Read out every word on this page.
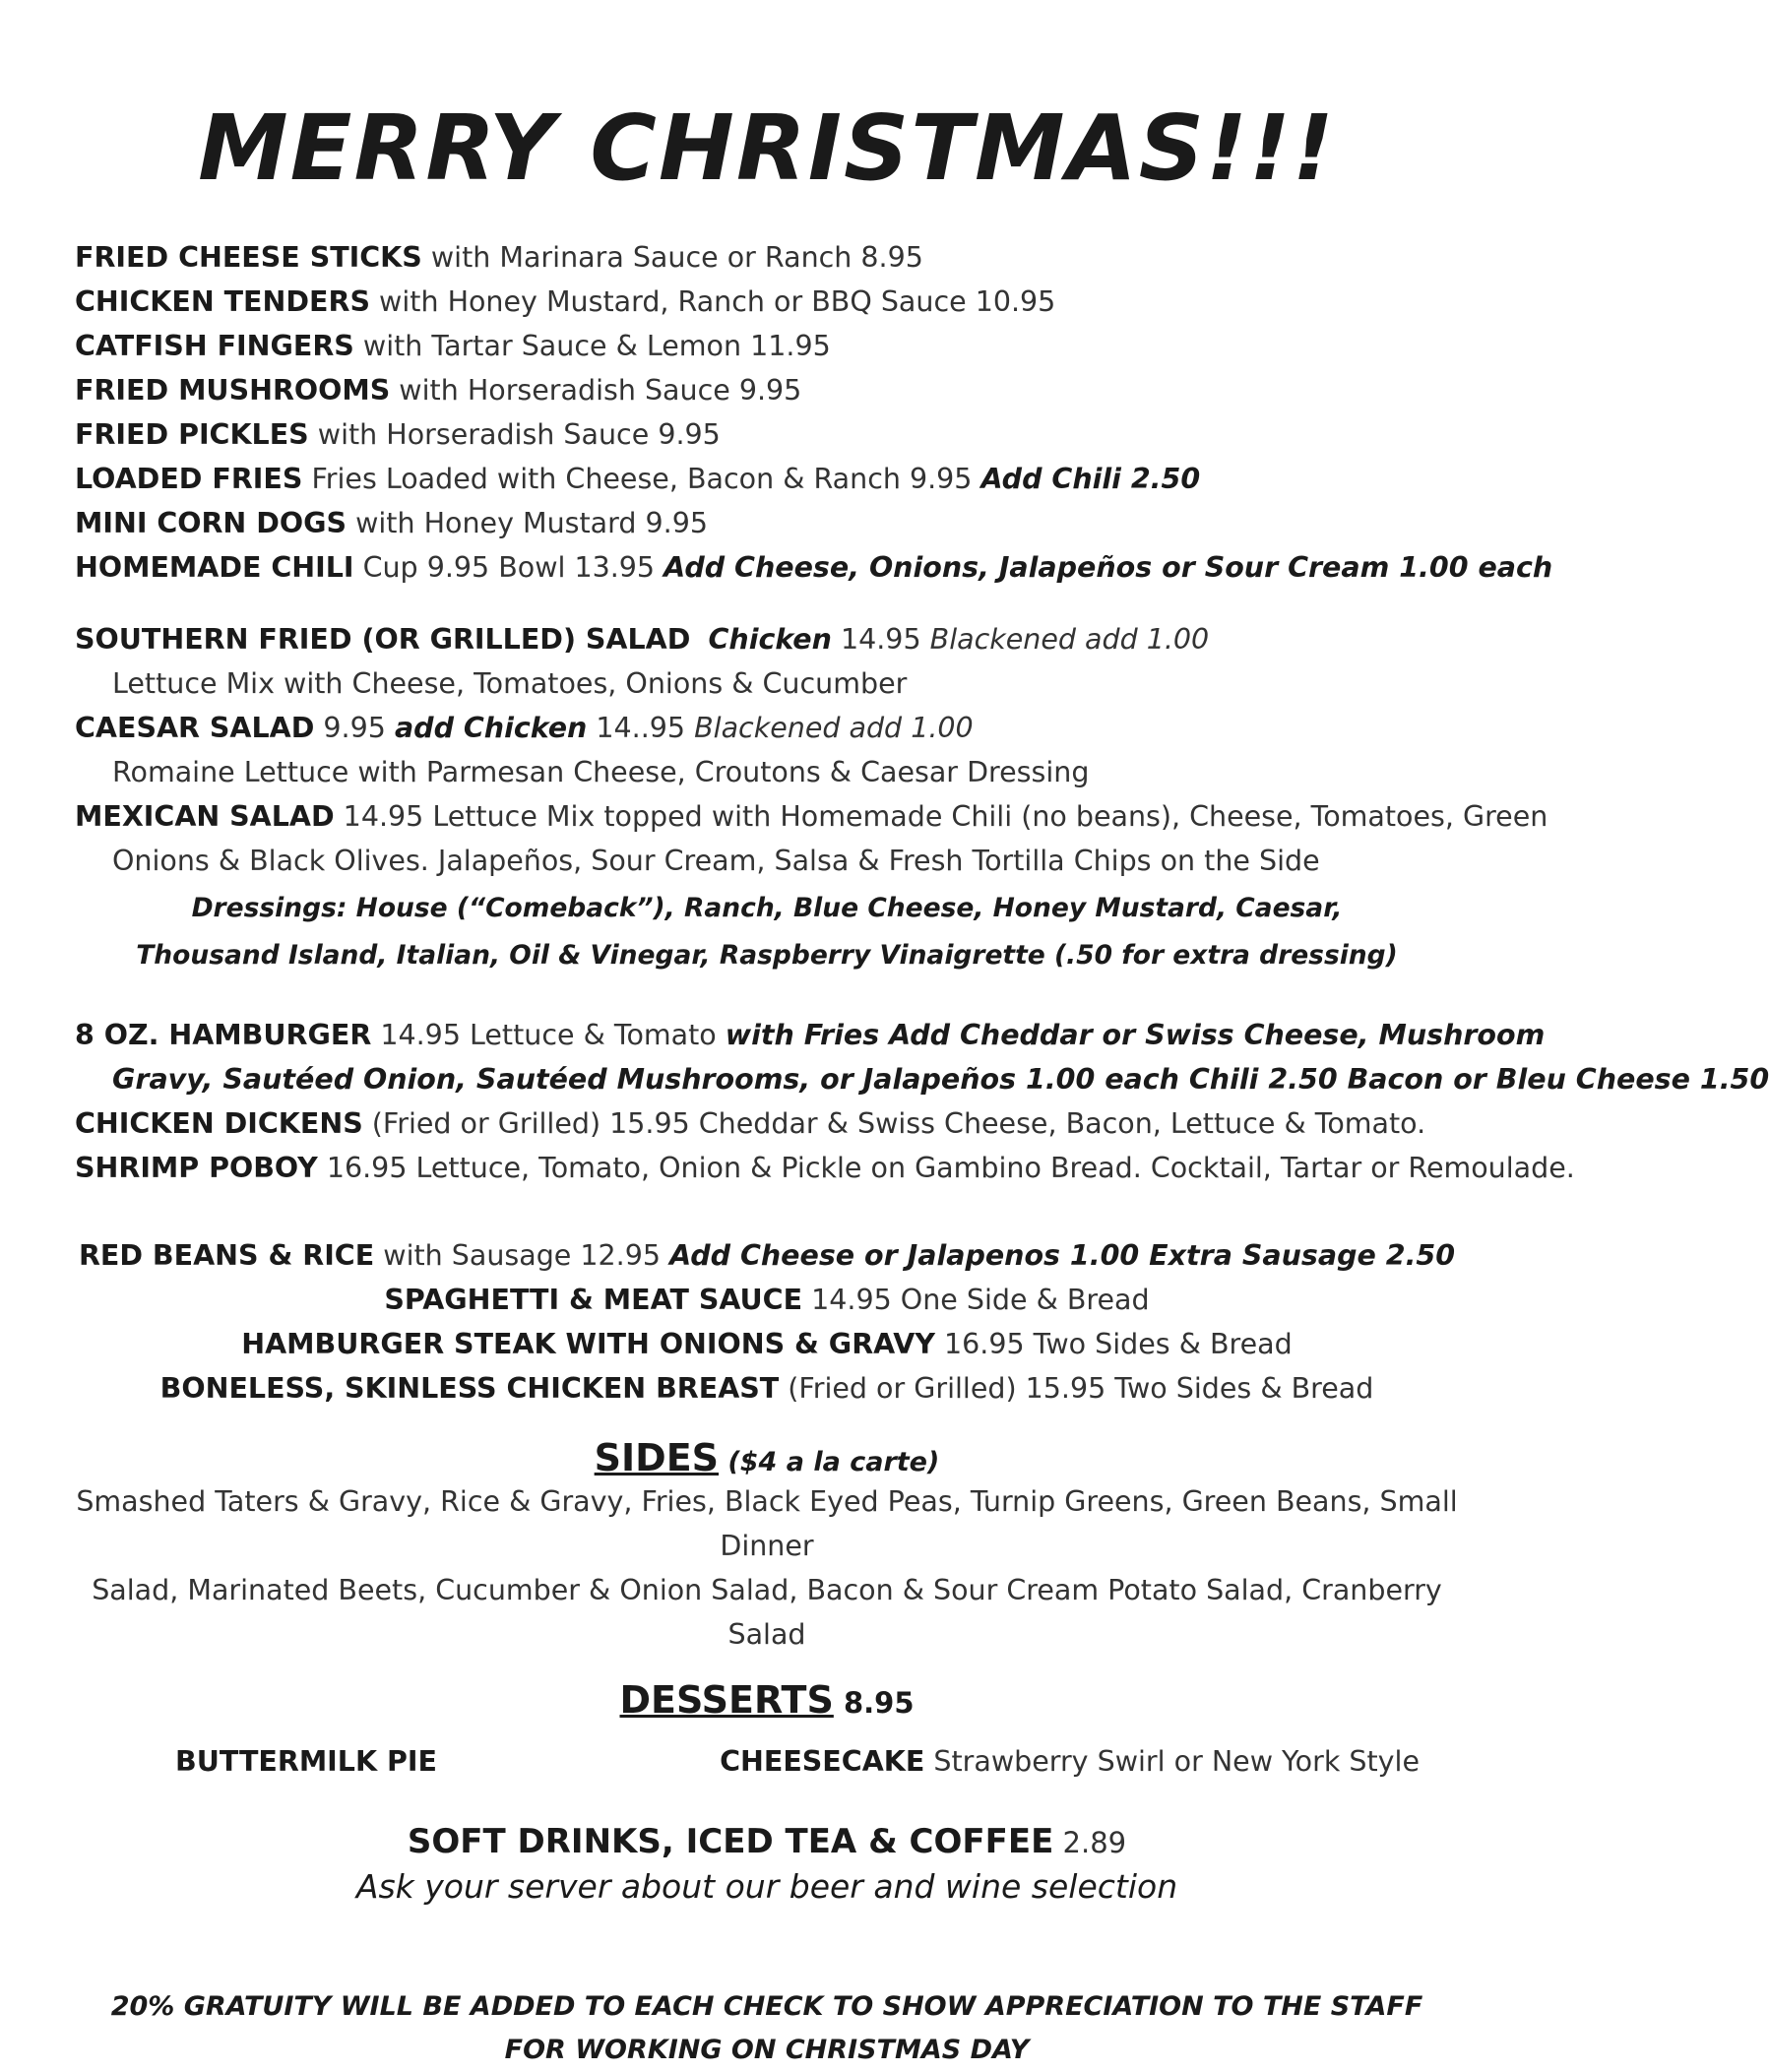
MERRY CHRISTMAS!!!
FRIED CHEESE STICKS with Marinara Sauce or Ranch 8.95
CHICKEN TENDERS with Honey Mustard, Ranch or BBQ Sauce 10.95
CATFISH FINGERS with Tartar Sauce & Lemon 11.95
FRIED MUSHROOMS with Horseradish Sauce 9.95
FRIED PICKLES with Horseradish Sauce 9.95
LOADED FRIES Fries Loaded with Cheese, Bacon & Ranch 9.95 Add Chili 2.50
MINI CORN DOGS with Honey Mustard 9.95
HOMEMADE CHILI Cup 9.95 Bowl 13.95 Add Cheese, Onions, Jalapeños or Sour Cream 1.00 each
SOUTHERN FRIED (OR GRILLED) SALAD Chicken 14.95 Blackened add 1.00
Lettuce Mix with Cheese, Tomatoes, Onions & Cucumber
CAESAR SALAD 9.95 add Chicken 14..95 Blackened add 1.00
Romaine Lettuce with Parmesan Cheese, Croutons & Caesar Dressing
MEXICAN SALAD 14.95 Lettuce Mix topped with Homemade Chili (no beans), Cheese, Tomatoes, Green
Onions & Black Olives. Jalapeños, Sour Cream, Salsa & Fresh Tortilla Chips on the Side
Dressings: House (“Comeback”), Ranch, Blue Cheese, Honey Mustard, Caesar,
Thousand Island, Italian, Oil & Vinegar, Raspberry Vinaigrette (.50 for extra dressing)
8 OZ. HAMBURGER 14.95 Lettuce & Tomato with Fries Add Cheddar or Swiss Cheese, Mushroom
Gravy, Sautéed Onion, Sautéed Mushrooms, or Jalapeños 1.00 each Chili 2.50 Bacon or Bleu Cheese 1.50
CHICKEN DICKENS (Fried or Grilled) 15.95 Cheddar & Swiss Cheese, Bacon, Lettuce & Tomato.
SHRIMP POBOY 16.95 Lettuce, Tomato, Onion & Pickle on Gambino Bread. Cocktail, Tartar or Remoulade.
RED BEANS & RICE with Sausage 12.95 Add Cheese or Jalapenos 1.00 Extra Sausage 2.50
SPAGHETTI & MEAT SAUCE 14.95 One Side & Bread
HAMBURGER STEAK WITH ONIONS & GRAVY 16.95 Two Sides & Bread
BONELESS, SKINLESS CHICKEN BREAST (Fried or Grilled) 15.95 Two Sides & Bread
SIDES ($4 a la carte)
Smashed Taters & Gravy, Rice & Gravy, Fries, Black Eyed Peas, Turnip Greens, Green Beans, Small Dinner
Salad, Marinated Beets, Cucumber & Onion Salad, Bacon & Sour Cream Potato Salad, Cranberry Salad
DESSERTS 8.95
BUTTERMILK PIE	CHEESECAKE Strawberry Swirl or New York Style
SOFT DRINKS, ICED TEA & COFFEE 2.89
Ask your server about our beer and wine selection
20% GRATUITY WILL BE ADDED TO EACH CHECK TO SHOW APPRECIATION TO THE STAFF
FOR WORKING ON CHRISTMAS DAY
